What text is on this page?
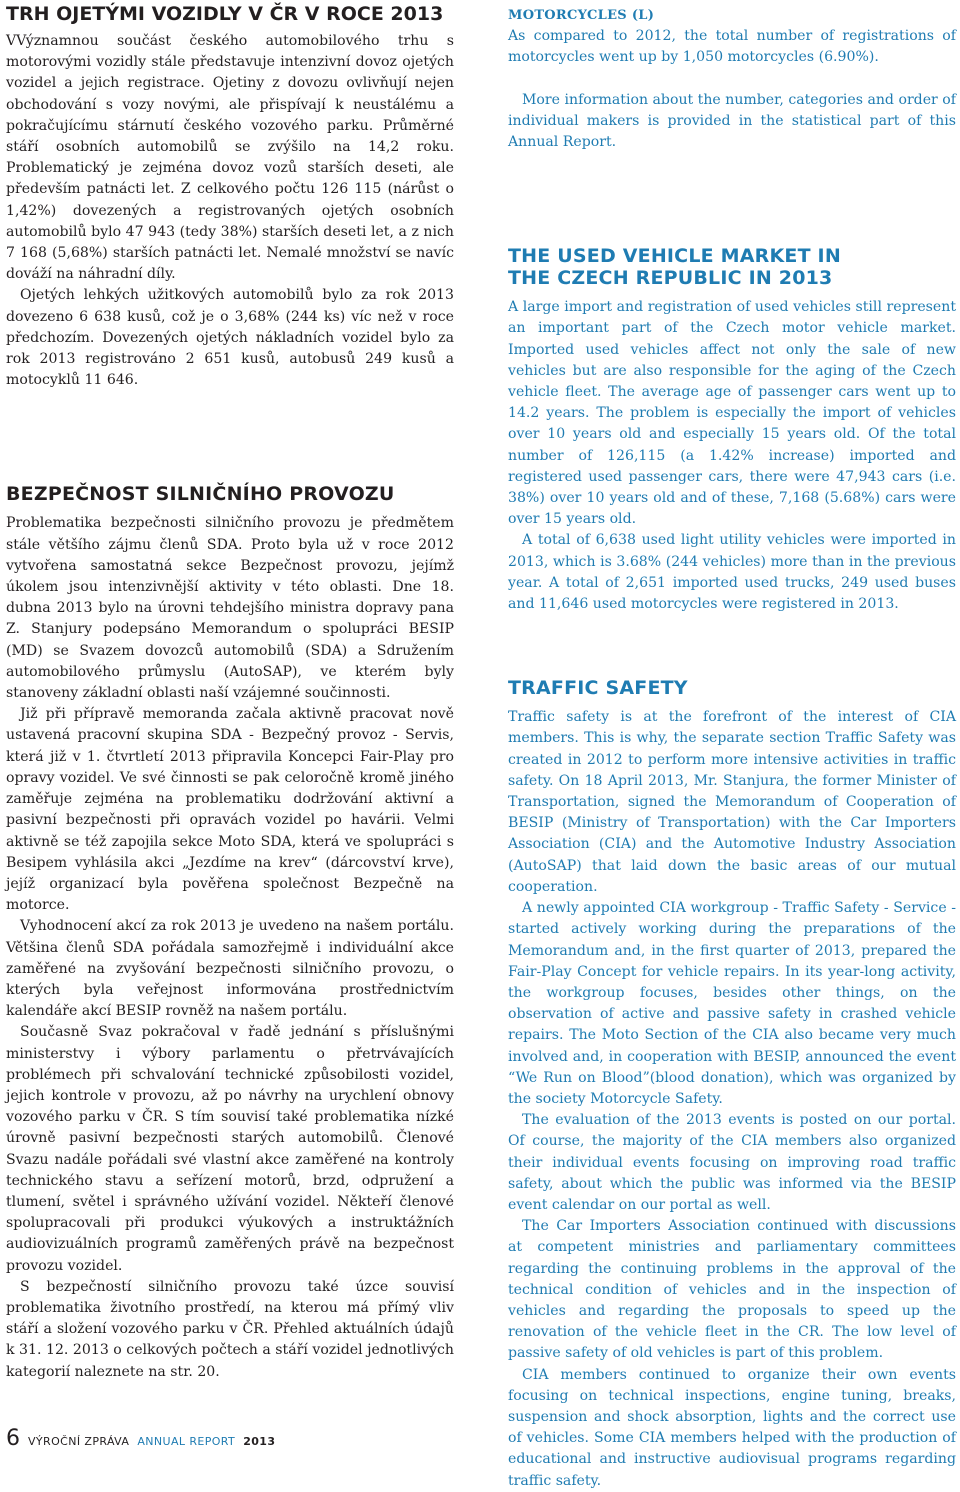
TRH OJETÝMI VOZIDLY V ČR V ROCE 2013

VVýznamnou součást českého automobilového trhu s motorovými vozidly stále představuje intenzivní dovoz ojetých vozidel a jejich registrace. Ojetiny z dovozu ovlivňují nejen obchodování s vozy novými, ale přispívají k neustálému a pokračujícímu stárnutí českého vozového parku. Průměrné stáří osobních automobilů se zvýšilo na 14,2 roku. Problematický je zejména dovoz vozů starších deseti, ale především patnácti let. Z celkového počtu 126 115 (nárůst o 1,42%) dovezených a registrovaných ojetých osobních automobilů bylo 47 943 (tedy 38%) starších deseti let, a z nich 7 168 (5,68%) starších patnácti let. Nemalé množství se navíc dováží na náhradní díly.

Ojetých lehkých užitkových automobilů bylo za rok 2013 dovezeno 6 638 kusů, což je o 3,68% (244 ks) víc než v roce předchozím. Dovezených ojetých nákladních vozidel bylo za rok 2013 registrováno 2 651 kusů, autobusů 249 kusů a motocyklů 11 646.

BEZPEČNOST SILNIČNÍHO PROVOZU

Problematika bezpečnosti silničního provozu je předmětem stále většího zájmu členů SDA. Proto byla už v roce 2012 vytvořena samostatná sekce Bezpečnost provozu, jejímž úkolem jsou intenzivnější aktivity v této oblasti. Dne 18. dubna 2013 bylo na úrovni tehdejšího ministra dopravy pana Z. Stanjury podepsáno Memorandum o spolupráci BESIP (MD) se Svazem dovozců automobilů (SDA) a Sdružením automobilového průmyslu (AutoSAP), ve kterém byly stanoveny základní oblasti naší vzájemné součinnosti.

Již při přípravě memoranda začala aktivně pracovat nově ustavená pracovní skupina SDA - Bezpečný provoz - Servis, která již v 1. čtvrtletí 2013 připravila Koncepci Fair-Play pro opravy vozidel. Ve své činnosti se pak celoročně kromě jiného zaměřuje zejména na problematiku dodržování aktivní a pasivní bezpečnosti při opravách vozidel po havárii. Velmi aktivně se též zapojila sekce Moto SDA, která ve spolupráci s Besipem vyhlásila akci „Jezdíme na krev“ (dárcovství krve), jejíž organizací byla pověřena společnost Bezpečně na motorce.

Vyhodnocení akcí za rok 2013 je uvedeno na našem portálu. Většina členů SDA pořádala samozřejmě i individuální akce zaměřené na zvyšování bezpečnosti silničního provozu, o kterých byla veřejnost informována prostřednictvím kalendáře akcí BESIP rovněž na našem portálu.

Současně Svaz pokračoval v řadě jednání s příslušnými ministerstvy i výbory parlamentu o přetrvávajících problémech při schvalování technické způsobilosti vozidel, jejich kontrole v provozu, až po návrhy na urychlení obnovy vozového parku v ČR. S tím souvisí také problematika nízké úrovně pasivní bezpečnosti starých automobilů. Členové Svazu nadále pořádali své vlastní akce zaměřené na kontroly technického stavu a seřízení motorů, brzd, odpružení a tlumení, světel i správného užívání vozidel. Někteří členové spolupracovali při produkci výukových a instruktážních audiovizuálních programů zaměřených právě na bezpečnost provozu vozidel.

S bezpečností silničního provozu také úzce souvisí problematika životního prostředí, na kterou má přímý vliv stáří a složení vozového parku v ČR. Přehled aktuálních údajů k 31. 12. 2013 o celkových počtech a stáří vozidel jednotlivých kategorií naleznete na str. 20.

MOTORCYCLES (L)

As compared to 2012, the total number of registrations of motorcycles went up by 1,050 motorcycles (6.90%).

More information about the number, categories and order of individual makers is provided in the statistical part of this Annual Report.

THE USED VEHICLE MARKET IN
THE CZECH REPUBLIC IN 2013

A large import and registration of used vehicles still represent an important part of the Czech motor vehicle market. Imported used vehicles affect not only the sale of new vehicles but are also responsible for the aging of the Czech vehicle fleet. The average age of passenger cars went up to 14.2 years. The problem is especially the import of vehicles over 10 years old and especially 15 years old. Of the total number of 126,115 (a 1.42% increase) imported and registered used passenger cars, there were 47,943 cars (i.e. 38%) over 10 years old and of these, 7,168 (5.68%) cars were over 15 years old.

A total of 6,638 used light utility vehicles were imported in 2013, which is 3.68% (244 vehicles) more than in the previous year. A total of 2,651 imported used trucks, 249 used buses and 11,646 used motorcycles were registered in 2013.

TRAFFIC SAFETY

Traffic safety is at the forefront of the interest of CIA members. This is why, the separate section Traffic Safety was created in 2012 to perform more intensive activities in traffic safety. On 18 April 2013, Mr. Stanjura, the former Minister of Transportation, signed the Memorandum of Cooperation of BESIP (Ministry of Transportation) with the Car Importers Association (CIA) and the Automotive Industry Association (AutoSAP) that laid down the basic areas of our mutual cooperation.

A newly appointed CIA workgroup - Traffic Safety - Service - started actively working during the preparations of the Memorandum and, in the first quarter of 2013, prepared the Fair-Play Concept for vehicle repairs. In its year-long activity, the workgroup focuses, besides other things, on the observation of active and passive safety in crashed vehicle repairs. The Moto Section of the CIA also became very much involved and, in cooperation with BESIP, announced the event “We Run on Blood”(blood donation), which was organized by the society Motorcycle Safety.

The evaluation of the 2013 events is posted on our portal. Of course, the majority of the CIA members also organized their individual events focusing on improving road traffic safety, about which the public was informed via the BESIP event calendar on our portal as well.

The Car Importers Association continued with discussions at competent ministries and parliamentary committees regarding the continuing problems in the approval of the technical condition of vehicles and in the inspection of vehicles and regarding the proposals to speed up the renovation of the vehicle fleet in the CR. The low level of passive safety of old vehicles is part of this problem.

CIA members continued to organize their own events focusing on technical inspections, engine tuning, breaks, suspension and shock absorption, lights and the correct use of vehicles. Some CIA members helped with the production of educational and instructive audiovisual programs regarding traffic safety.

6 VÝROČNÍ ZPRÁVA ANNUAL REPORT 2013
